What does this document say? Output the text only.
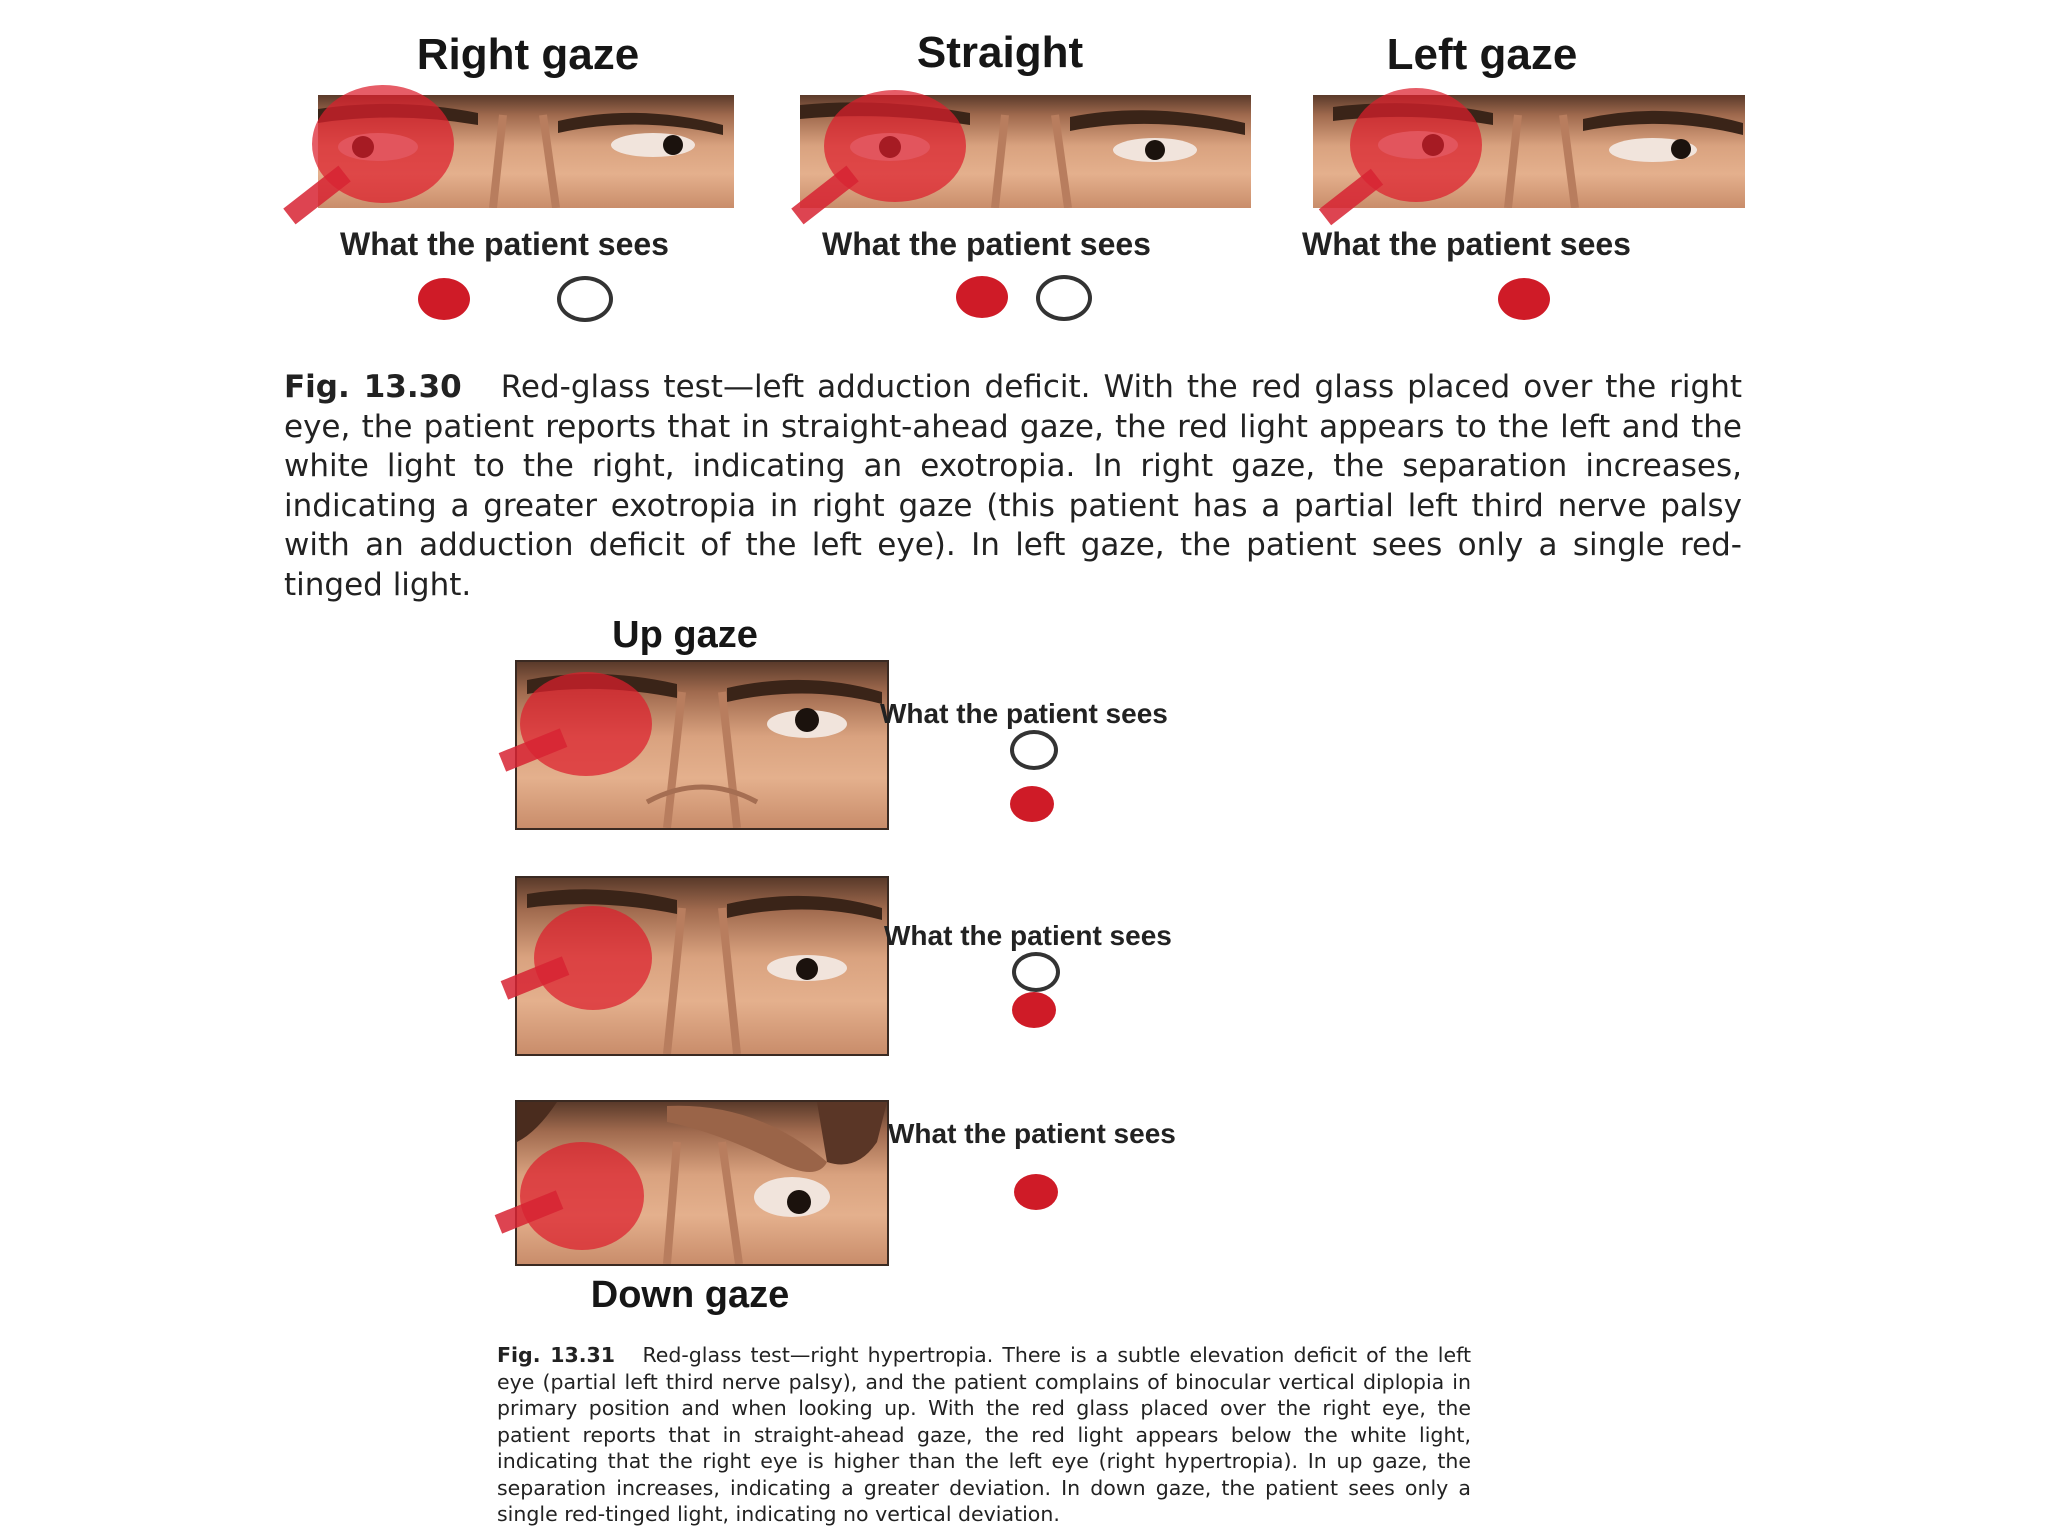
Right gaze	Straight	Left gaze
What the patient sees	What the patient sees	What the patient sees
Fig. 13.30 Red-glass test—left adduction deficit. With the red glass placed over the right eye, the patient reports that in straight-ahead gaze, the red light appears to the left and the white light to the right, indicating an exotropia. In right gaze, the separation increases, indicating a greater exotropia in right gaze (this patient has a partial left third nerve palsy with an adduction deficit of the left eye). In left gaze, the patient sees only a single red-tinged light.
Up gaze
Down gaze
What the patient sees
What the patient sees
What the patient sees
Fig. 13.31 Red-glass test—right hypertropia. There is a subtle elevation deficit of the left eye (partial left third nerve palsy), and the patient complains of binocular vertical diplopia in primary position and when looking up. With the red glass placed over the right eye, the patient reports that in straight-ahead gaze, the red light appears below the white light, indicating that the right eye is higher than the left eye (right hypertropia). In up gaze, the separation increases, indicating a greater deviation. In down gaze, the patient sees only a single red-tinged light, indicating no vertical deviation.
